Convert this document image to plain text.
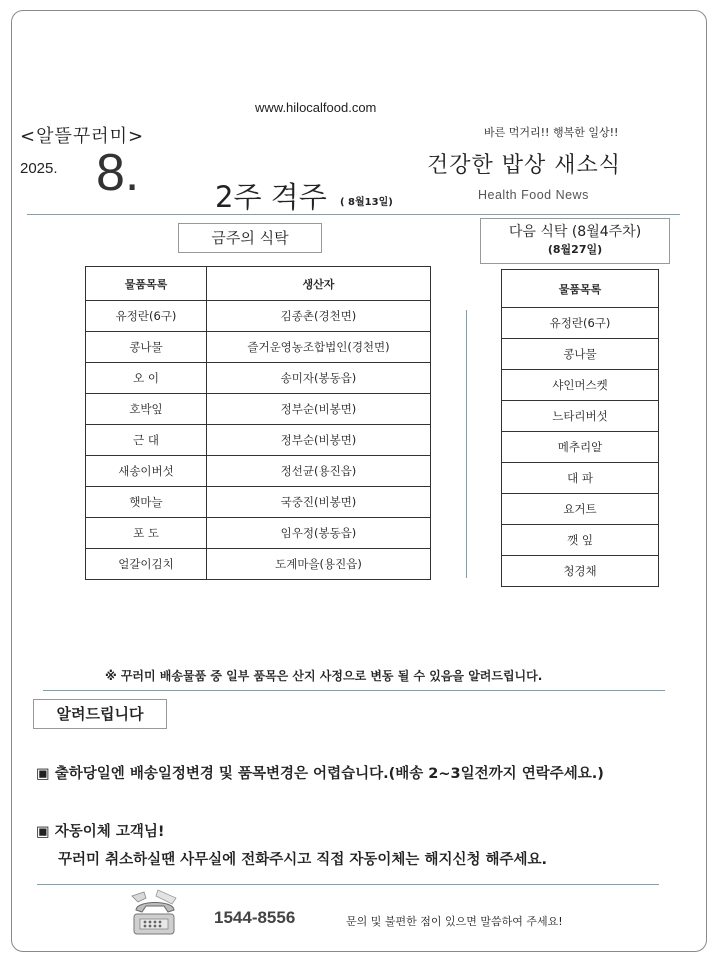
www.hilocalfood.com
<알뜰꾸러미>
2025. 8.	2주 격주 ( 8월13일)
바른 먹거리!! 행복한 일상!!
건강한 밥상 새소식
Health Food News
금주의 식탁	다음 식탁 (8월4주차)
(8월27일)
물품목록	생산자
유정란(6구)	김종촌(경천면)
콩나물	즐거운영농조합법인(경천면)
오 이	송미자(봉동읍)
호박잎	정부순(비봉면)
근 대	정부순(비봉면)
새송이버섯	정선균(용진읍)
햇마늘	국중진(비봉면)
포 도	임우정(봉동읍)
얼갈이김치	도계마을(용진읍)
물품목록
유정란(6구)
콩나물
샤인머스켓
느타리버섯
메추리알
대 파
요거트
깻 잎
청경채
※ 꾸러미 배송물품 중 일부 품목은 산지 사정으로 변동 될 수 있음을 알려드립니다.
알려드립니다
▣ 출하당일엔 배송일정변경 및 품목변경은 어렵습니다.(배송 2~3일전까지 연락주세요.)
▣ 자동이체 고객님!
꾸러미 취소하실땐 사무실에 전화주시고 직접 자동이체는 해지신청 해주세요.
1544-8556	문의 및 불편한 점이 있으면 말씀하여 주세요!
